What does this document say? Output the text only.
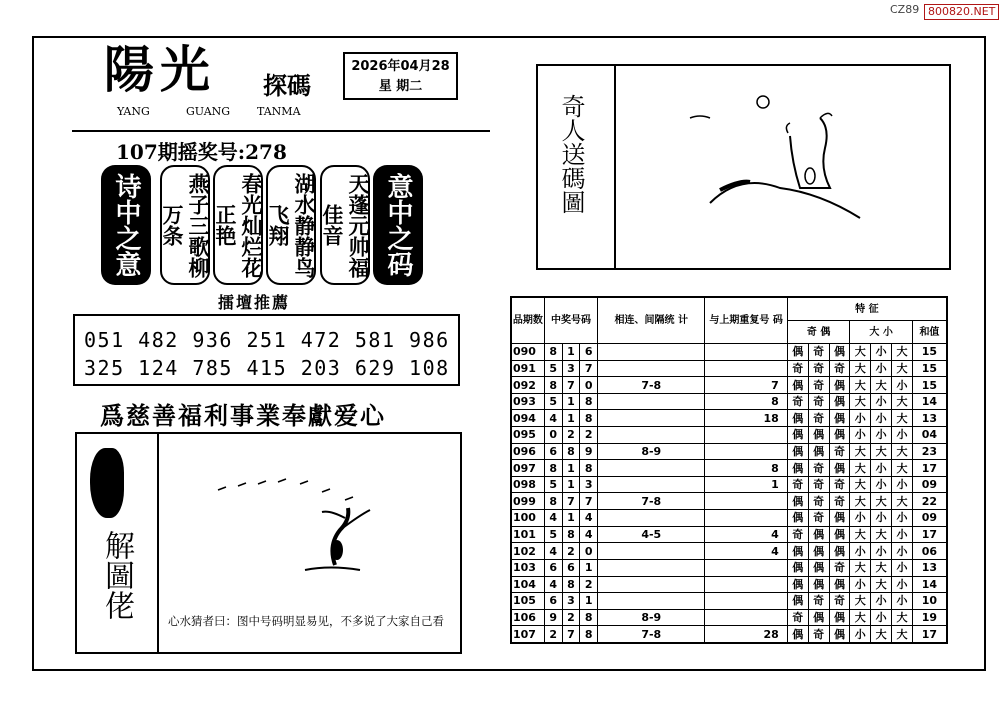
CZ89 800820.NET
陽光 探碼
YANG	GUANG TANMA
2026年04月28
星 期二
107期摇奖号:278
诗中之意	燕子三歌柳万条	春光灿烂花正艳	湖水静静鸟飞翔	天蓬元帅福佳音	意中之码
擂壇推薦
051 482 936 251 472 581 986
325 124 785 415 203 629 108
爲慈善福利事業奉獻爱心
奇人送碼圖
解圖佬
心水猜者曰：图中号码明显易见，不多说了大家自己看
品期数	中奖号码			相连、间隔统 计	与上期重复号 码	特 征						
						奇 偶			大 小			和值
090	8	1	6			偶	奇	偶	大	小	大	15
091	5	3	7			奇	奇	奇	大	小	大	15
092	8	7	0	7-8	7	偶	奇	偶	大	大	小	15
093	5	1	8		8	奇	奇	偶	大	小	大	14
094	4	1	8		18	偶	奇	偶	小	小	大	13
095	0	2	2			偶	偶	偶	小	小	小	04
096	6	8	9	8-9		偶	偶	奇	大	大	大	23
097	8	1	8		8	偶	奇	偶	大	小	大	17
098	5	1	3		1	奇	奇	奇	大	小	小	09
099	8	7	7	7-8		偶	奇	奇	大	大	大	22
100	4	1	4			偶	奇	偶	小	小	小	09
101	5	8	4	4-5	4	奇	偶	偶	大	大	小	17
102	4	2	0		4	偶	偶	偶	小	小	小	06
103	6	6	1			偶	偶	奇	大	大	小	13
104	4	8	2			偶	偶	偶	小	大	小	14
105	6	3	1			偶	奇	奇	大	小	小	10
106	9	2	8	8-9		奇	偶	偶	大	小	大	19
107	2	7	8	7-8	28	偶	奇	偶	小	大	大	17
